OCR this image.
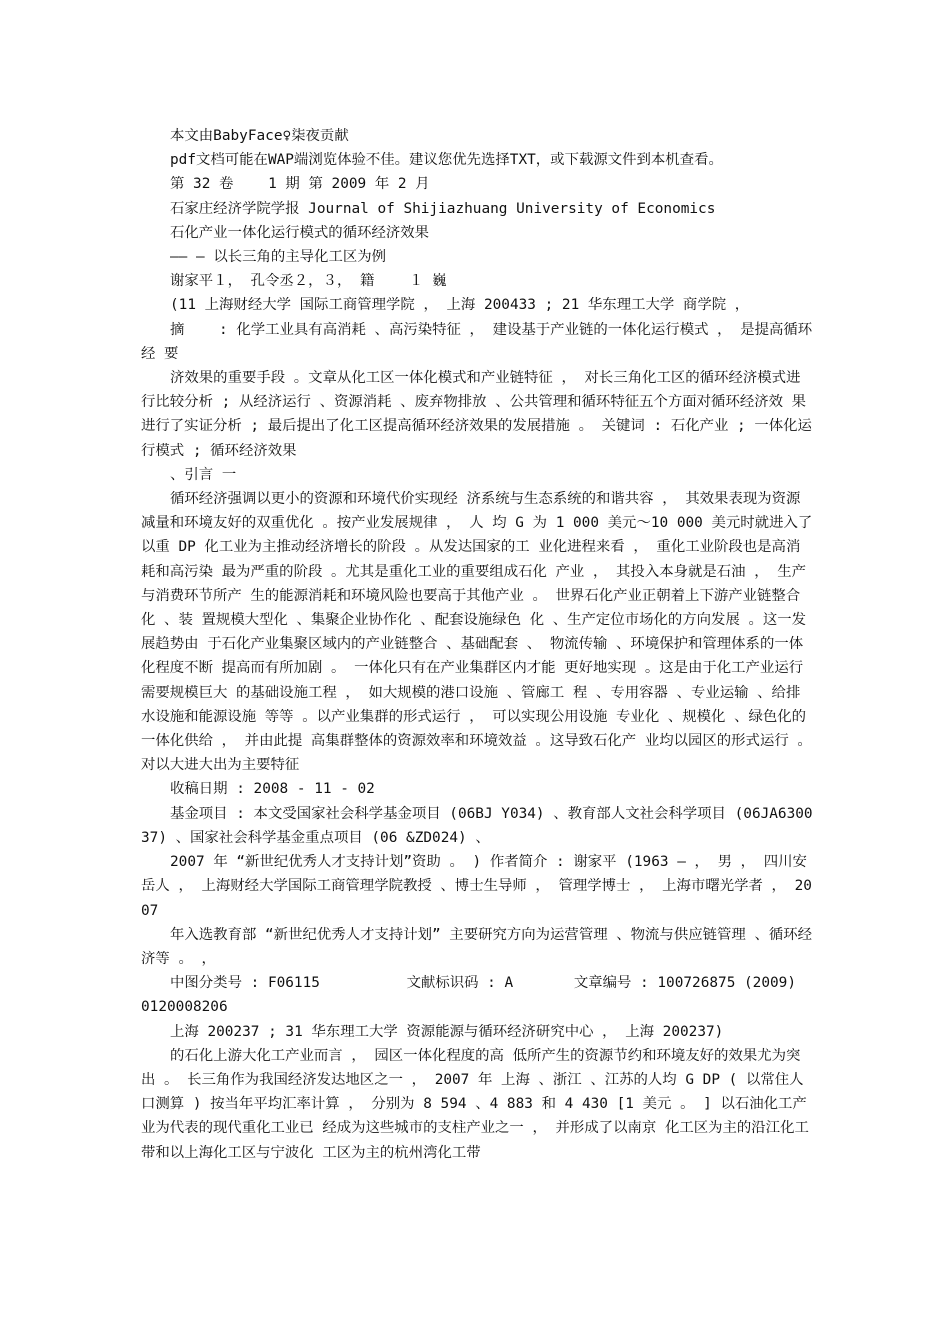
本文由BabyFace♀柒夜贡献

pdf文档可能在WAP端浏览体验不佳。建议您优先选择TXT，或下载源文件到本机查看。

第 32 卷    1 期 第 2009 年 2 月

石家庄经济学院学报 Journal of Shijiazhuang University of Economics

石化产业一体化运行模式的循环经济效果

—— — 以长三角的主导化工区为例

谢家平１， 孔令丞２，３， 籍    １ 巍

(11 上海财经大学 国际工商管理学院 ， 上海 200433 ; 21 华东理工大学 商学院 ，

摘    : 化学工业具有高消耗 、高污染特征 ， 建设基于产业链的一体化运行模式 ， 是提高循环经 要

济效果的重要手段 。文章从化工区一体化模式和产业链特征 ， 对长三角化工区的循环经济模式进 行比较分析 ; 从经济运行 、资源消耗 、废弃物排放 、公共管理和循环特征五个方面对循环经济效 果进行了实证分析 ; 最后提出了化工区提高循环经济效果的发展措施 。 关键词 : 石化产业 ; 一体化运行模式 ; 循环经济效果

、引言 一

循环经济强调以更小的资源和环境代价实现经 济系统与生态系统的和谐共容 ， 其效果表现为资源 减量和环境友好的双重优化 。按产业发展规律 ， 人 均 G 为 1 000 美元～10 000 美元时就进入了以重 DP 化工业为主推动经济增长的阶段 。从发达国家的工 业化进程来看 ， 重化工业阶段也是高消耗和高污染 最为严重的阶段 。尤其是重化工业的重要组成石化 产业 ， 其投入本身就是石油 ， 生产与消费环节所产 生的能源消耗和环境风险也要高于其他产业 。 世界石化产业正朝着上下游产业链整合化 、装 置规模大型化 、集聚企业协作化 、配套设施绿色 化 、生产定位市场化的方向发展 。这一发展趋势由 于石化产业集聚区域内的产业链整合 、基础配套 、 物流传输 、环境保护和管理体系的一体化程度不断 提高而有所加剧 。 一体化只有在产业集群区内才能 更好地实现 。这是由于化工产业运行需要规模巨大 的基础设施工程 ， 如大规模的港口设施 、管廊工 程 、专用容器 、专业运输 、给排水设施和能源设施 等等 。以产业集群的形式运行 ， 可以实现公用设施 专业化 、规模化 、绿色化的一体化供给 ， 并由此提 高集群整体的资源效率和环境效益 。这导致石化产 业均以园区的形式运行 。对以大进大出为主要特征

收稿日期 : 2008 - 11 - 02

基金项目 : 本文受国家社会科学基金项目 (06BJ Y034) 、教育部人文社会科学项目 (06JA630037) 、国家社会科学基金重点项目 (06 &ZD024) 、

2007 年 “新世纪优秀人才支持计划”资助 。 ) 作者简介 : 谢家平 (1963 — ， 男 ， 四川安岳人 ， 上海财经大学国际工商管理学院教授 、博士生导师 ， 管理学博士 ， 上海市曙光学者 ， 2007

年入选教育部 “新世纪优秀人才支持计划” 主要研究方向为运营管理 、物流与供应链管理 、循环经济等 。 ，

中图分类号 : F06115          文献标识码 : A       文章编号 : 100726875 (2009) 0120008206

上海 200237 ; 31 华东理工大学 资源能源与循环经济研究中心 ， 上海 200237)

的石化上游大化工产业而言 ， 园区一体化程度的高 低所产生的资源节约和环境友好的效果尤为突出 。 长三角作为我国经济发达地区之一 ， 2007 年 上海 、浙江 、江苏的人均 G DP ( 以常住人口测算 ) 按当年平均汇率计算 ， 分别为 8 594 、4 883 和 4 430 [1 美元 。 ] 以石油化工产业为代表的现代重化工业已 经成为这些城市的支柱产业之一 ， 并形成了以南京 化工区为主的沿江化工带和以上海化工区与宁波化 工区为主的杭州湾化工带
